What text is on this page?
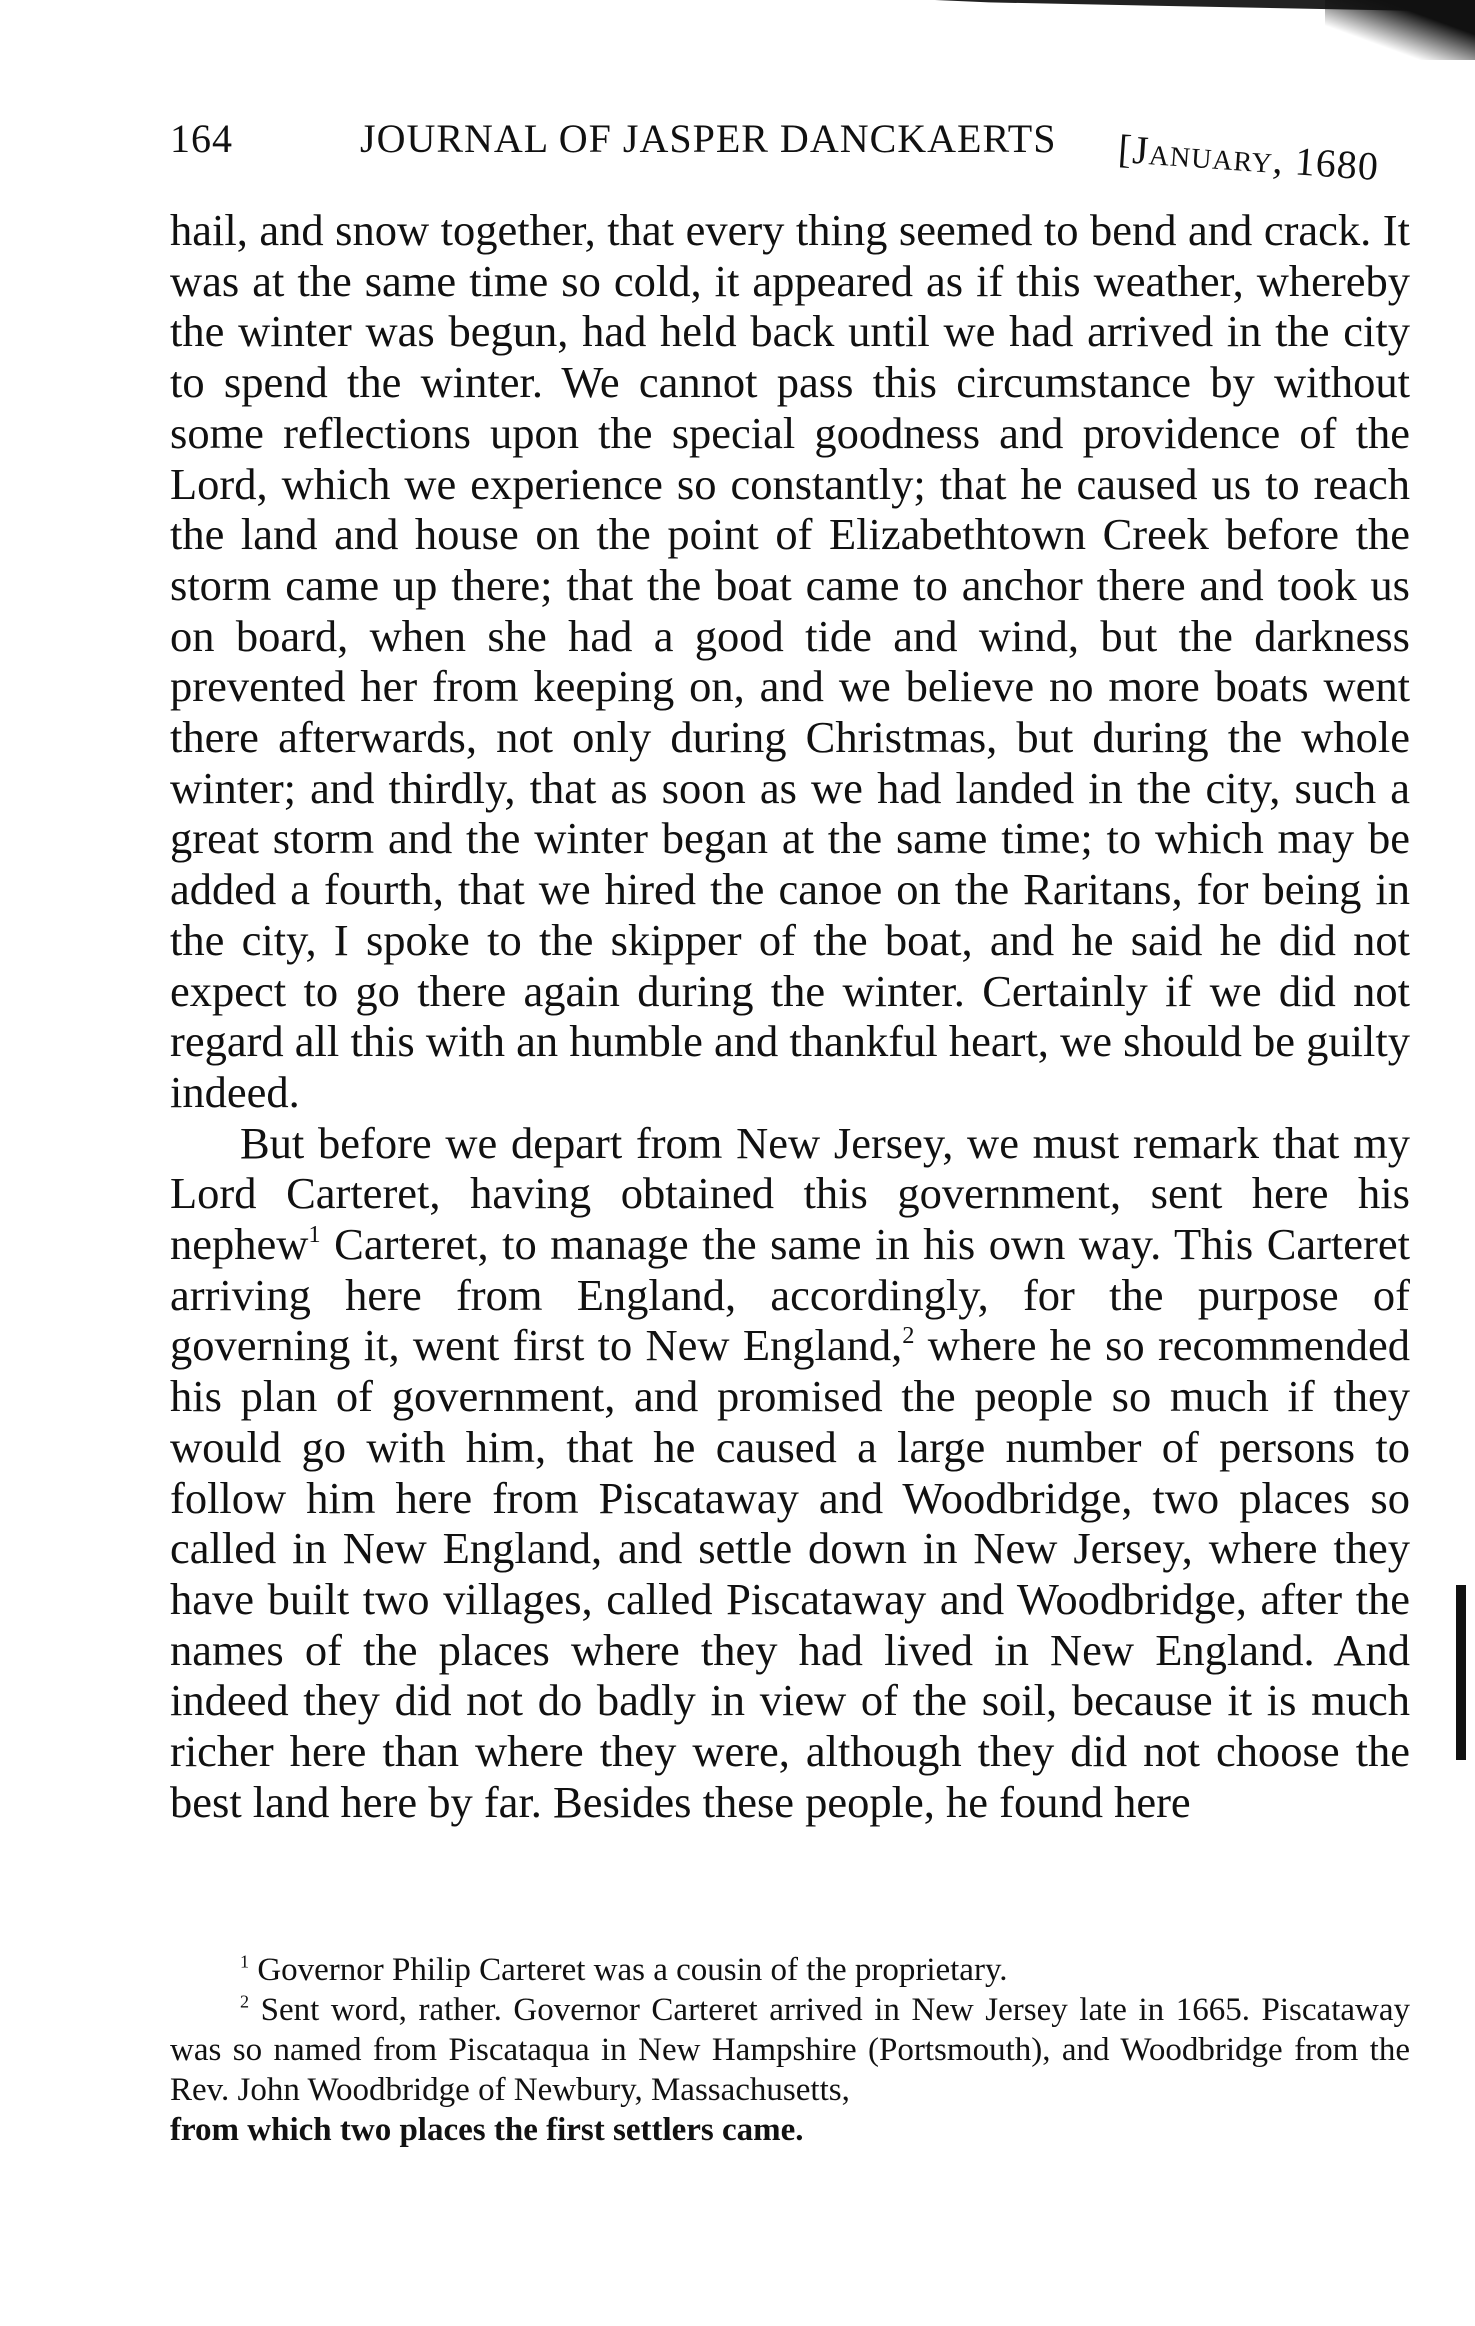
164	JOURNAL OF JASPER DANCKAERTS [January, 1680

hail, and snow together, that every thing seemed to bend and crack. It was at the same time so cold, it appeared as if this weather, whereby the winter was begun, had held back until we had arrived in the city to spend the winter. We cannot pass this circumstance by without some reflections upon the special goodness and providence of the Lord, which we experience so constantly; that he caused us to reach the land and house on the point of Elizabethtown Creek before the storm came up there; that the boat came to anchor there and took us on board, when she had a good tide and wind, but the darkness prevented her from keeping on, and we believe no more boats went there afterwards, not only during Christmas, but during the whole winter; and thirdly, that as soon as we had landed in the city, such a great storm and the winter began at the same time; to which may be added a fourth, that we hired the canoe on the Raritans, for being in the city, I spoke to the skipper of the boat, and he said he did not expect to go there again during the winter. Certainly if we did not regard all this with an humble and thankful heart, we should be guilty indeed.

But before we depart from New Jersey, we must remark that my Lord Carteret, having obtained this government, sent here his nephew$^1$ Carteret, to manage the same in his own way. This Carteret arriving here from England, accordingly, for the purpose of governing it, went first to New England,$^2$ where he so recommended his plan of government, and promised the people so much if they would go with him, that he caused a large number of persons to follow him here from Piscataway and Woodbridge, two places so called in New England, and settle down in New Jersey, where they have built two villages, called Piscataway and Woodbridge, after the names of the places where they had lived in New England. And indeed they did not do badly in view of the soil, because it is much richer here than where they were, although they did not choose the best land here by far. Besides these people, he found here

$^1$ Governor Philip Carteret was a cousin of the proprietary.

$^2$ Sent word, rather. Governor Carteret arrived in New Jersey late in 1665. Piscataway was so named from Piscataqua in New Hampshire (Portsmouth), and Woodbridge from the Rev. John Woodbridge of Newbury, Massachusetts,

from which two places the first settlers came.
